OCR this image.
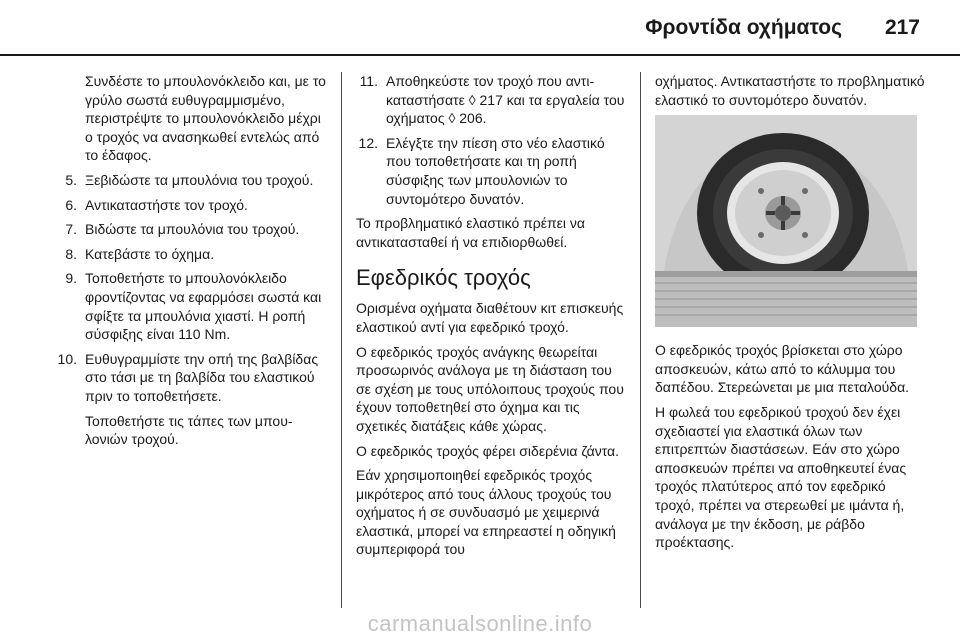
Φροντίδα οχήματος 217

Συνδέστε το μπουλονόκλειδο και, με το γρύλο σωστά ευθυγραμμισμένο, περιστρέψτε το μπουλονόκλειδο μέχρι ο τροχός να ανασηκωθεί εντελώς από το έδαφος.

5. Ξεβιδώστε τα μπουλόνια του τροχού.
6. Αντικαταστήστε τον τροχό.
7. Βιδώστε τα μπουλόνια του τροχού.
8. Κατεβάστε το όχημα.
9. Τοποθετήστε το μπουλονόκλειδο φροντίζοντας να εφαρμόσει σωστά και σφίξτε τα μπουλόνια χιαστί. Η ροπή σύσφιξης είναι 110 Nm.
10. Ευθυγραμμίστε την οπή της βαλβίδας στο τάσι με τη βαλβίδα του ελαστικού πριν το τοποθετήσετε.

Τοποθετήστε τις τάπες των μπουλονιών τροχού.

11. Αποθηκεύστε τον τροχό που αντικαταστήσατε ◊ 217 και τα εργαλεία του οχήματος ◊ 206.
12. Ελέγξτε την πίεση στο νέο ελαστικό που τοποθετήσατε και τη ροπή σύσφιξης των μπουλονιών το συντομότερο δυνατόν.

Το προβληματικό ελαστικό πρέπει να αντικατασταθεί ή να επιδιορθωθεί.

Εφεδρικός τροχός

Ορισμένα οχήματα διαθέτουν κιτ επισκευής ελαστικού αντί για εφεδρικό τροχό.

Ο εφεδρικός τροχός ανάγκης θεωρείται προσωρινός ανάλογα με τη διάσταση του σε σχέση με τους υπόλοιπους τροχούς που έχουν τοποθετηθεί στο όχημα και τις σχετικές διατάξεις κάθε χώρας.

Ο εφεδρικός τροχός φέρει σιδερένια ζάντα.

Εάν χρησιμοποιηθεί εφεδρικός τροχός μικρότερος από τους άλλους τροχούς του οχήματος ή σε συνδυασμό με χειμερινά ελαστικά, μπορεί να επηρεαστεί η οδηγική συμπεριφορά του

οχήματος. Αντικαταστήστε το προβληματικό ελαστικό το συντομότερο δυνατόν.

Ο εφεδρικός τροχός βρίσκεται στο χώρο αποσκευών, κάτω από το κάλυμμα του δαπέδου. Στερεώνεται με μια πεταλούδα.

Η φωλεά του εφεδρικού τροχού δεν έχει σχεδιαστεί για ελαστικά όλων των επιτρεπτών διαστάσεων. Εάν στο χώρο αποσκευών πρέπει να αποθηκευτεί ένας τροχός πλατύτερος από τον εφεδρικό τροχό, πρέπει να στερεωθεί με ιμάντα ή, ανάλογα με την έκδοση, με ράβδο προέκτασης.

carmanualsonline.info
